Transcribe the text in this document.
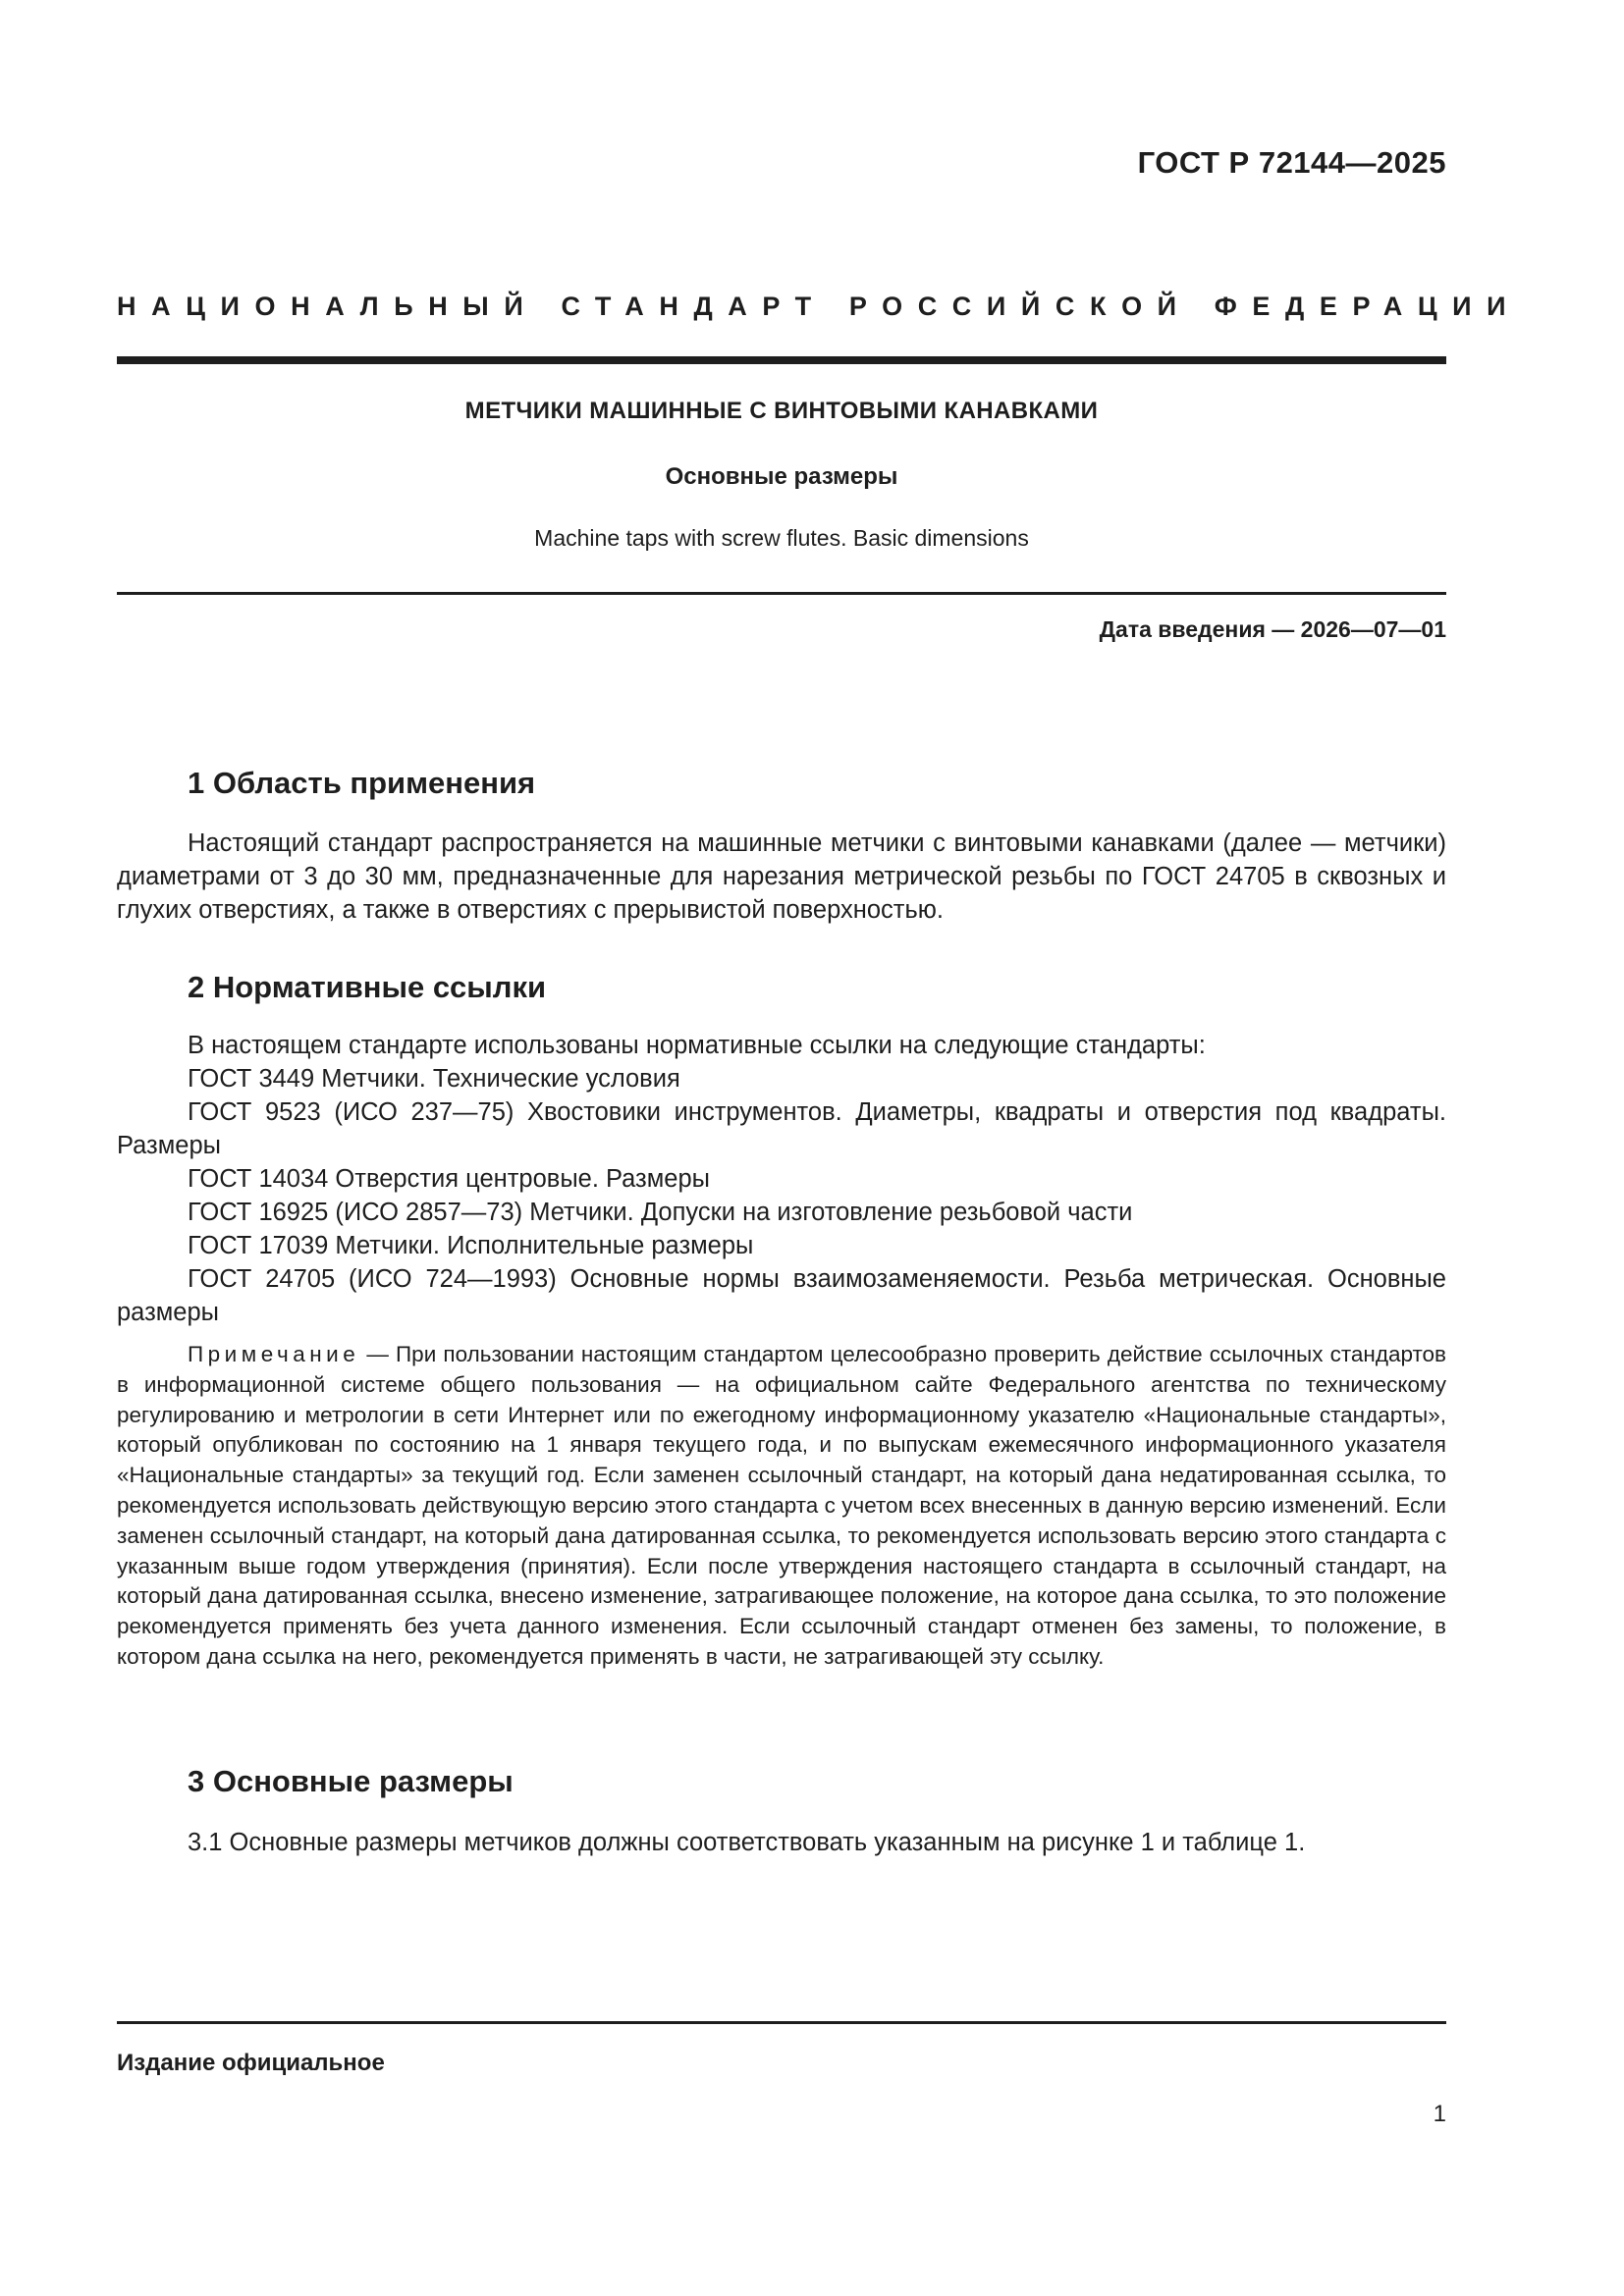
ГОСТ Р 72144—2025
НАЦИОНАЛЬНЫЙ СТАНДАРТ РОССИЙСКОЙ ФЕДЕРАЦИИ
МЕТЧИКИ МАШИННЫЕ С ВИНТОВЫМИ КАНАВКАМИ
Основные размеры
Machine taps with screw flutes. Basic dimensions
Дата введения — 2026—07—01
1 Область применения
Настоящий стандарт распространяется на машинные метчики с винтовыми канавками (далее — метчики) диаметрами от 3 до 30 мм, предназначенные для нарезания метрической резьбы по ГОСТ 24705 в сквозных и глухих отверстиях, а также в отверстиях с прерывистой поверхностью.
2 Нормативные ссылки
В настоящем стандарте использованы нормативные ссылки на следующие стандарты:
ГОСТ 3449 Метчики. Технические условия
ГОСТ 9523 (ИСО 237—75) Хвостовики инструментов. Диаметры, квадраты и отверстия под квадраты. Размеры
ГОСТ 14034 Отверстия центровые. Размеры
ГОСТ 16925 (ИСО 2857—73) Метчики. Допуски на изготовление резьбовой части
ГОСТ 17039 Метчики. Исполнительные размеры
ГОСТ 24705 (ИСО 724—1993) Основные нормы взаимозаменяемости. Резьба метрическая. Основные размеры
Примечание — При пользовании настоящим стандартом целесообразно проверить действие ссылочных стандартов в информационной системе общего пользования — на официальном сайте Федерального агентства по техническому регулированию и метрологии в сети Интернет или по ежегодному информационному указателю «Национальные стандарты», который опубликован по состоянию на 1 января текущего года, и по выпускам ежемесячного информационного указателя «Национальные стандарты» за текущий год. Если заменен ссылочный стандарт, на который дана недатированная ссылка, то рекомендуется использовать действующую версию этого стандарта с учетом всех внесенных в данную версию изменений. Если заменен ссылочный стандарт, на который дана датированная ссылка, то рекомендуется использовать версию этого стандарта с указанным выше годом утверждения (принятия). Если после утверждения настоящего стандарта в ссылочный стандарт, на который дана датированная ссылка, внесено изменение, затрагивающее положение, на которое дана ссылка, то это положение рекомендуется применять без учета данного изменения. Если ссылочный стандарт отменен без замены, то положение, в котором дана ссылка на него, рекомендуется применять в части, не затрагивающей эту ссылку.
3 Основные размеры
3.1 Основные размеры метчиков должны соответствовать указанным на рисунке 1 и таблице 1.
Издание официальное
1
